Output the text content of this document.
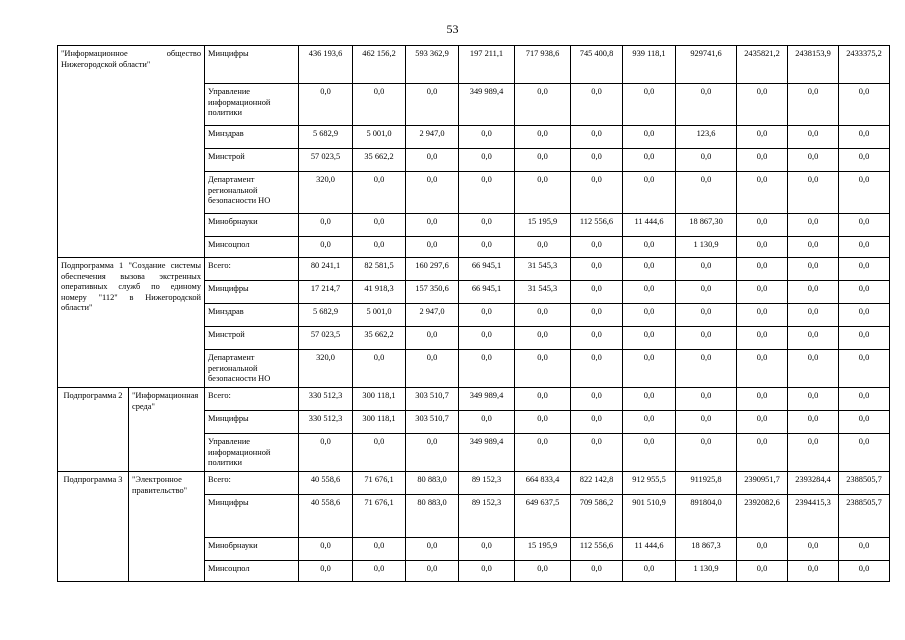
53
"Информационное общество Нижегородской области"		Минцифры	436 193,6	462 156,2	593 362,9	197 211,1	717 938,6	745 400,8	939 118,1	929741,6	2435821,2	2438153,9	2433375,2
		Управление информационной политики	0,0	0,0	0,0	349 989,4	0,0	0,0	0,0	0,0	0,0	0,0	0,0
		Минздрав	5 682,9	5 001,0	2 947,0	0,0	0,0	0,0	0,0	123,6	0,0	0,0	0,0
		Минстрой	57 023,5	35 662,2	0,0	0,0	0,0	0,0	0,0	0,0	0,0	0,0	0,0
		Департамент региональной безопасности НО	320,0	0,0	0,0	0,0	0,0	0,0	0,0	0,0	0,0	0,0	0,0
		Минобрнауки	0,0	0,0	0,0	0,0	15 195,9	112 556,6	11 444,6	18 867,30	0,0	0,0	0,0
		Минсоцпол	0,0	0,0	0,0	0,0	0,0	0,0	0,0	1 130,9	0,0	0,0	0,0
Подпрограмма 1 "Создание системы обеспечения вызова экстренных оперативных служб по единому номеру "112" в Нижегородской области"		Всего:	80 241,1	82 581,5	160 297,6	66 945,1	31 545,3	0,0	0,0	0,0	0,0	0,0	0,0
		Минцифры	17 214,7	41 918,3	157 350,6	66 945,1	31 545,3	0,0	0,0	0,0	0,0	0,0	0,0
		Минздрав	5 682,9	5 001,0	2 947,0	0,0	0,0	0,0	0,0	0,0	0,0	0,0	0,0
		Минстрой	57 023,5	35 662,2	0,0	0,0	0,0	0,0	0,0	0,0	0,0	0,0	0,0
		Департамент региональной безопасности НО	320,0	0,0	0,0	0,0	0,0	0,0	0,0	0,0	0,0	0,0	0,0
Подпрограмма 2	"Информационная среда"	Всего:	330 512,3	300 118,1	303 510,7	349 989,4	0,0	0,0	0,0	0,0	0,0	0,0	0,0
		Минцифры	330 512,3	300 118,1	303 510,7	0,0	0,0	0,0	0,0	0,0	0,0	0,0	0,0
		Управление информационной политики	0,0	0,0	0,0	349 989,4	0,0	0,0	0,0	0,0	0,0	0,0	0,0
Подпрограмма 3	"Электронное правительство"	Всего:	40 558,6	71 676,1	80 883,0	89 152,3	664 833,4	822 142,8	912 955,5	911925,8	2390951,7	2393284,4	2388505,7
		Минцифры	40 558,6	71 676,1	80 883,0	89 152,3	649 637,5	709 586,2	901 510,9	891804,0	2392082,6	2394415,3	2388505,7
		Минобрнауки	0,0	0,0	0,0	0,0	15 195,9	112 556,6	11 444,6	18 867,3	0,0	0,0	0,0
		Минсоцпол	0,0	0,0	0,0	0,0	0,0	0,0	0,0	1 130,9	0,0	0,0	0,0
